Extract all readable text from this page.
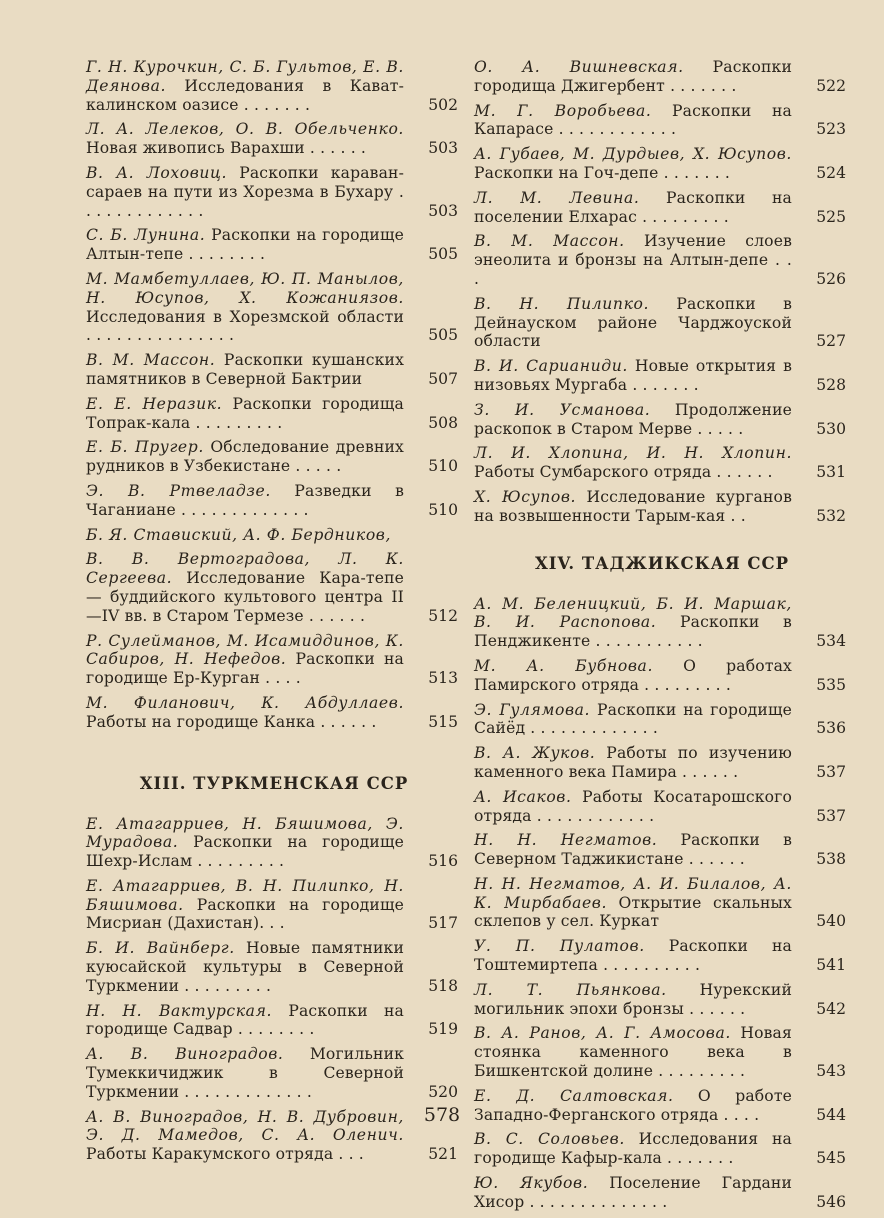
Г. Н. Курочкин, С. Б. Гультов, Е. В. Деянова. Исследования в Кават-калинском оазисе . . . . . . .	502
Л. А. Лелеков, О. В. Обельченко. Новая живопись Варахши . . . . . .	503
В. А. Лоховиц. Раскопки караван-сараев на пути из Хорезма в Бухару . . . . . . . . . . . . .	503
С. Б. Лунина. Раскопки на городище Алтын-тепе . . . . . . . .	505
М. Мамбетуллаев, Ю. П. Манылов, Н. Юсупов, Х. Кожаниязов. Исследования в Хорезмской области . . . . . . . . . . . . . . .	505
В. М. Массон. Раскопки кушанских памятников в Северной Бактрии	507
Е. Е. Неразик. Раскопки городища Топрак-кала . . . . . . . . .	508
Е. Б. Пругер. Обследование древних рудников в Узбекистане . . . . .	510
Э. В. Ртвеладзе. Разведки в Чаганиане . . . . . . . . . . . . .	510
Б. Я. Ставиский, А. Ф. Бердников,
В. В. Вертоградова, Л. К. Сергеева. Исследование Кара-тепе — буддийского культового центра II—IV вв. в Старом Термезе . . . . . .	512
Р. Сулейманов, М. Исамиддинов, К. Сабиров, Н. Нефедов. Раскопки на городище Ер-Курган . . . .	513
М. Филанович, К. Абдуллаев. Работы на городище Канка . . . . . .	515
XIII. ТУРКМЕНСКАЯ ССР
Е. Атагарриев, Н. Бяшимова, Э. Мурадова. Раскопки на городище Шехр-Ислам . . . . . . . . .	516
Е. Атагарриев, В. Н. Пилипко, Н. Бяшимова. Раскопки на городище Мисриан (Дахистан). . .	517
Б. И. Вайнберг. Новые памятники куюсайской культуры в Северной Туркмении . . . . . . . . .	518
Н. Н. Вактурская. Раскопки на городище Садвар . . . . . . . .	519
А. В. Виноградов. Могильник Тумеккичиджик в Северной Туркмении . . . . . . . . . . . . .	520
А. В. Виноградов, Н. В. Дубровин, Э. Д. Мамедов, С. А. Оленич. Работы Каракумского отряда . . .	521
О. А. Вишневская. Раскопки городища Джигербент . . . . . . .	522
М. Г. Воробьева. Раскопки на Капарасе . . . . . . . . . . . .	523
А. Губаев, М. Дурдыев, Х. Юсупов. Раскопки на Гоч-депе . . . . . . .	524
Л. М. Левина. Раскопки на поселении Елхарас . . . . . . . . .	525
В. М. Массон. Изучение слоев энеолита и бронзы на Алтын-депе . . .	526
В. Н. Пилипко. Раскопки в Дейнауском районе Чарджоуской области	527
В. И. Сарианиди. Новые открытия в низовьях Мургаба . . . . . . .	528
З. И. Усманова. Продолжение раскопок в Старом Мерве . . . . .	530
Л. И. Хлопина, И. Н. Хлопин. Работы Сумбарского отряда . . . . . .	531
Х. Юсупов. Исследование курганов на возвышенности Тарым-кая . .	532
XIV. ТАДЖИКСКАЯ ССР
А. М. Беленицкий, Б. И. Маршак, В. И. Распопова. Раскопки в Пенджикенте . . . . . . . . . . .	534
М. А. Бубнова. О работах Памирского отряда . . . . . . . . .	535
Э. Гулямова. Раскопки на городище Сайёд . . . . . . . . . . . . .	536
В. А. Жуков. Работы по изучению каменного века Памира . . . . . .	537
А. Исаков. Работы Косатарошского отряда . . . . . . . . . . . .	537
Н. Н. Негматов. Раскопки в Северном Таджикистане . . . . . .	538
Н. Н. Негматов, А. И. Билалов, А. К. Мирбабаев. Открытие скальных склепов у сел. Куркат	540
У. П. Пулатов. Раскопки на Тоштемиртепа . . . . . . . . . .	541
Л. Т. Пьянкова. Нурекский могильник эпохи бронзы . . . . . .	542
В. А. Ранов, А. Г. Амосова. Новая стоянка каменного века в Бишкентской долине . . . . . . . . .	543
Е. Д. Салтовская. О работе Западно-Ферганского отряда . . . .	544
В. С. Соловьев. Исследования на городище Кафыр-кала . . . . . . .	545
Ю. Якубов. Поселение Гардани Хисор . . . . . . . . . . . . . .	546
578
